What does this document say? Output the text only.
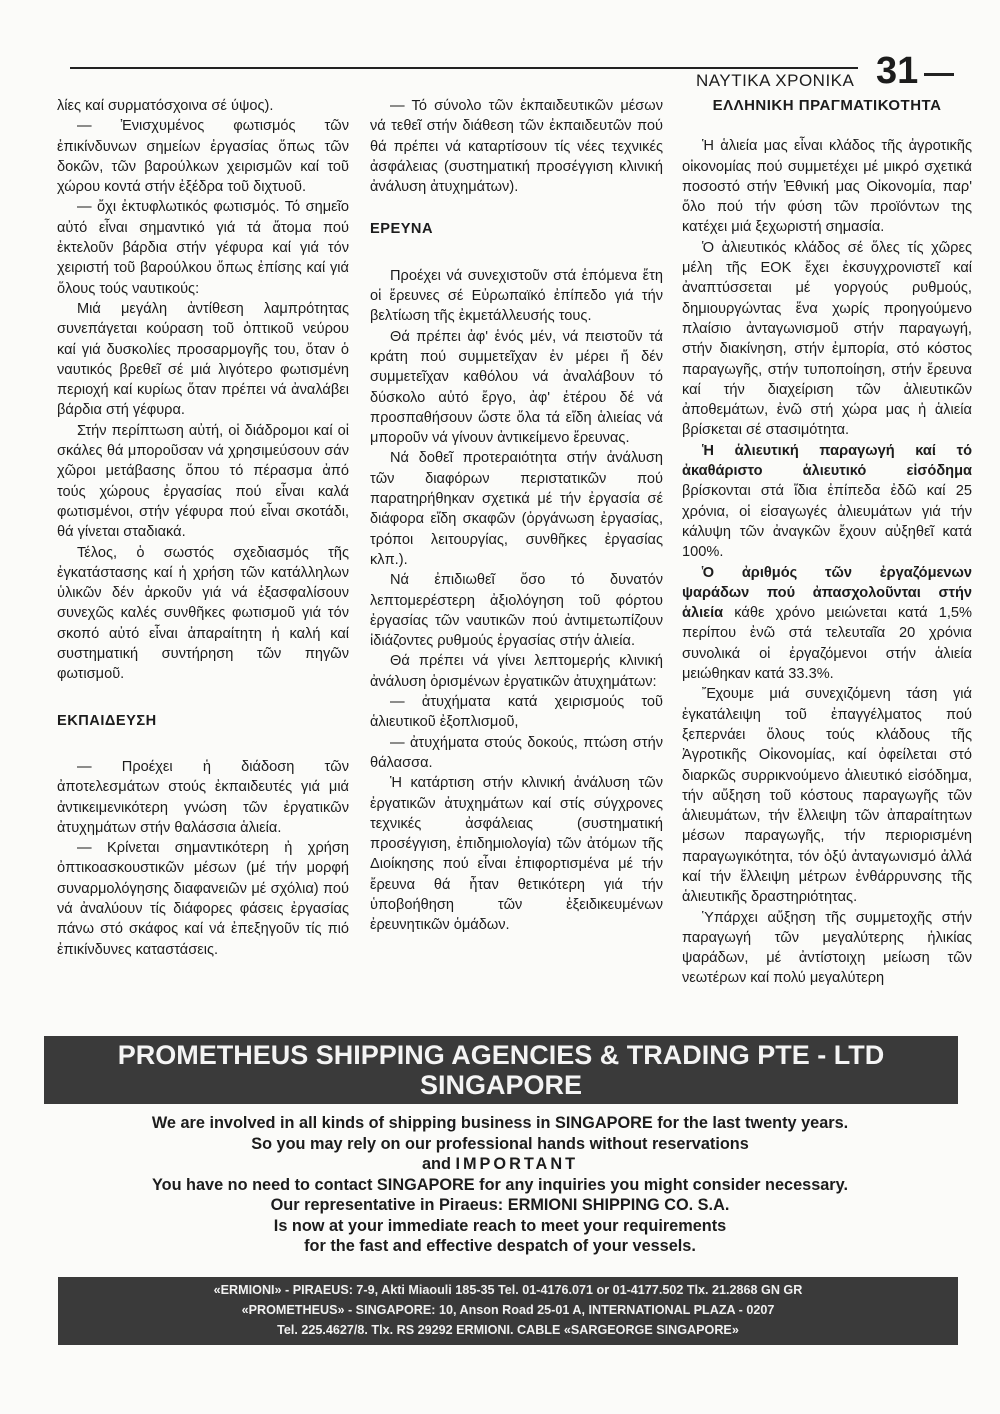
ΝΑΥΤΙΚΑ ΧΡΟΝΙΚΑ 31

λίες καί συρματόσχοινα σέ ύψος).

— Ἐνισχυμένος φωτισμός τῶν ἐπικίνδυνων σημείων ἐργασίας ὅπως τῶν δοκῶν, τῶν βαρούλκων χειρισμῶν καί τοῦ χώρου κοντά στήν ἐξέδρα τοῦ διχτυοῦ.

— ὄχι ἐκτυφλωτικός φωτισμός. Τό σημεῖο αὐτό εἶναι σημαντικό γιά τά ἄτομα πού ἐκτελοῦν βάρδια στήν γέφυρα καί γιά τόν χειριστή τοῦ βαρούλκου ὅπως ἐπίσης καί γιά ὅλους τούς ναυτικούς:

Μιά μεγάλη ἀντίθεση λαμπρότητας συνεπάγεται κούραση τοῦ ὀπτικοῦ νεύρου καί γιά δυσκολίες προσαρμογῆς του, ὅταν ὁ ναυτικός βρεθεῖ σέ μιά λιγότερο φωτισμένη περιοχή καί κυρίως ὅταν πρέπει νά ἀναλάβει βάρδια στή γέφυρα.

Στήν περίπτωση αὐτή, οἱ διάδρομοι καί οἱ σκάλες θά μποροῦσαν νά χρησιμεύσουν σάν χῶροι μετάβασης ὅπου τό πέρασμα ἀπό τούς χώρους ἐργασίας πού εἶναι καλά φωτισμένοι, στήν γέφυρα πού εἶναι σκοτάδι, θά γίνεται σταδιακά.

Τέλος, ὁ σωστός σχεδιασμός τῆς ἐγκατάστασης καί ἡ χρήση τῶν κατάλληλων ὑλικῶν δέν ἀρκοῦν γιά νά ἐξασφαλίσουν συνεχῶς καλές συνθῆκες φωτισμοῦ γιά τόν σκοπό αὐτό εἶναι ἀπαραίτητη ἡ καλή καί συστηματική συντήρηση τῶν πηγῶν φωτισμοῦ.

ΕΚΠΑΙΔΕΥΣΗ

— Προέχει ἡ διάδοση τῶν ἀποτελεσμάτων στούς ἐκπαιδευτές γιά μιά ἀντικειμενικότερη γνώση τῶν ἐργατικῶν ἀτυχημάτων στήν θαλάσσια ἁλιεία.

— Κρίνεται σημαντικότερη ἡ χρήση ὀπτικοασκουστικῶν μέσων (μέ τήν μορφή συναρμολόγησης διαφανειῶν μέ σχόλια) πού νά ἀναλύουν τίς διάφορες φάσεις ἐργασίας πάνω στό σκάφος καί νά ἐπεξηγοῦν τίς πιό ἐπικίνδυνες καταστάσεις.

— Τό σύνολο τῶν ἐκπαιδευτικῶν μέσων νά τεθεῖ στήν διάθεση τῶν ἐκπαιδευτῶν πού θά πρέπει νά καταρτίσουν τίς νέες τεχνικές ἀσφάλειας (συστηματική προσέγγιση κλινική ἀνάλυση ἀτυχημάτων).

ΕΡΕΥΝΑ

Προέχει νά συνεχιστοῦν στά ἑπόμενα ἔτη οἱ ἔρευνες σέ Εὐρωπαϊκό ἐπίπεδο γιά τήν βελτίωση τῆς ἐκμετάλλευσής τους.

Θά πρέπει ἀφ' ἑνός μέν, νά πειστοῦν τά κράτη πού συμμετεῖχαν ἐν μέρει ἤ δέν συμμετεῖχαν καθόλου νά ἀναλάβουν τό δύσκολο αὐτό ἔργο, ἀφ' ἑτέρου δέ νά προσπαθήσουν ὥστε ὅλα τά εἴδη ἁλιείας νά μποροῦν νά γίνουν ἀντικείμενο ἔρευνας.

Νά δοθεῖ προτεραιότητα στήν ἀνάλυση τῶν διαφόρων περιστατικῶν πού παρατηρήθηκαν σχετικά μέ τήν ἐργασία σέ διάφορα εἴδη σκαφῶν (ὀργάνωση ἐργασίας, τρόποι λειτουργίας, συνθῆκες ἐργασίας κλπ.).

Νά ἐπιδιωθεῖ ὅσο τό δυνατόν λεπτομερέστερη ἀξιολόγηση τοῦ φόρτου ἐργασίας τῶν ναυτικῶν πού ἀντιμετωπίζουν ἰδιάζοντες ρυθμούς ἐργασίας στήν ἁλιεία.

Θά πρέπει νά γίνει λεπτομερής κλινική ἀνάλυση ὁρισμένων ἐργατικῶν ἀτυχημάτων:

— ἀτυχήματα κατά χειρισμούς τοῦ ἁλιευτικοῦ ἐξοπλισμοῦ,

— ἀτυχήματα στούς δοκούς, πτώση στήν θάλασσα.

Ἡ κατάρτιση στήν κλινική ἀνάλυση τῶν ἐργατικῶν ἀτυχημάτων καί στίς σύγχρονες τεχνικές ἀσφάλειας (συστηματική προσέγγιση, ἐπιδημιολογία) τῶν ἀτόμων τῆς Διοίκησης πού εἶναι ἐπιφορτισμένα μέ τήν ἔρευνα θά ἦταν θετικότερη γιά τήν ὑποβοήθηση τῶν ἐξειδικευμένων ἐρευνητικῶν ὁμάδων.

ΕΛΛΗΝΙΚΗ ΠΡΑΓΜΑΤΙΚΟΤΗΤΑ

Ἡ ἁλιεία μας εἶναι κλάδος τῆς ἀγροτικῆς οἰκονομίας πού συμμετέχει μέ μικρό σχετικά ποσοστό στήν Ἐθνική μας Οἰκονομία, παρ' ὅλο πού τήν φύση τῶν προϊόντων της κατέχει μιά ξεχωριστή σημασία.

Ὁ ἁλιευτικός κλάδος σέ ὅλες τίς χῶρες μέλη τῆς ΕΟΚ ἔχει ἐκσυγχρονιστεῖ καί ἀναπτύσσεται μέ γοργούς ρυθμούς, δημιουργώντας ἕνα χωρίς προηγούμενο πλαίσιο ἀνταγωνισμοῦ στήν παραγωγή, στήν διακίνηση, στήν ἐμπορία, στό κόστος παραγωγῆς, στήν τυποποίηση, στήν ἔρευνα καί τήν διαχείριση τῶν ἁλιευτικῶν ἀποθεμάτων, ἐνῶ στή χώρα μας ἡ ἁλιεία βρίσκεται σέ στασιμότητα.

Ἡ ἁλιευτική παραγωγή καί τό ἀκαθάριστο ἁλιευτικό εἰσόδημα βρίσκονται στά ἴδια ἐπίπεδα ἐδῶ καί 25 χρόνια, οἱ εἰσαγωγές ἁλιευμάτων γιά τήν κάλυψη τῶν ἀναγκῶν ἔχουν αὐξηθεῖ κατά 100%.

Ὁ ἀριθμός τῶν ἐργαζόμενων ψαράδων πού ἀπασχολοῦνται στήν ἁλιεία κάθε χρόνο μειώνεται κατά 1,5% περίπου ἐνῶ στά τελευταῖα 20 χρόνια συνολικά οἱ ἐργαζόμενοι στήν ἁλιεία μειώθηκαν κατά 33.3%.

Ἔχουμε μιά συνεχιζόμενη τάση γιά ἐγκατάλειψη τοῦ ἐπαγγέλματος πού ξεπερνάει ὅλους τούς κλάδους τῆς Ἀγροτικῆς Οἰκονομίας, καί ὀφείλεται στό διαρκῶς συρρικνούμενο ἁλιευτικό εἰσόδημα, τήν αὔξηση τοῦ κόστους παραγωγῆς τῶν ἁλιευμάτων, τήν ἔλλειψη τῶν ἀπαραίτητων μέσων παραγωγῆς, τήν περιορισμένη παραγωγικότητα, τόν ὀξύ ἀνταγωνισμό ἀλλά καί τήν ἔλλειψη μέτρων ἐνθάρρυνσης τῆς ἁλιευτικῆς δραστηριότητας.

Ὑπάρχει αὔξηση τῆς συμμετοχῆς στήν παραγωγή τῶν μεγαλύτερης ἡλικίας ψαράδων, μέ ἀντίστοιχη μείωση τῶν νεωτέρων καί πολύ μεγαλύτερη

PROMETHEUS SHIPPING AGENCIES & TRADING PTE - LTD
SINGAPORE
We are involved in all kinds of shipping business in SINGAPORE for the last twenty years.
So you may rely on our professional hands without reservations
and IMPORTANT
You have no need to contact SINGAPORE for any inquiries you might consider necessary.
Our representative in Piraeus: ERMIONI SHIPPING CO. S.A.
Is now at your immediate reach to meet your requirements
for the fast and effective despatch of your vessels.
«ERMIONI» - PIRAEUS: 7-9, Akti Miaouli 185-35 Tel. 01-4176.071 or 01-4177.502 Tlx. 21.2868 GN GR
«PROMETHEUS» - SINGAPORE: 10, Anson Road 25-01 A, INTERNATIONAL PLAZA - 0207
Tel. 225.4627/8. Tlx. RS 29292 ERMIONI. CABLE «SARGEORGE SINGAPORE»
